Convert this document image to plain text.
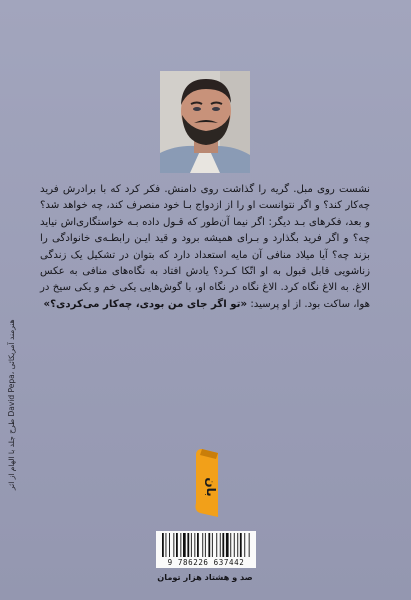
نشست روی مبل. گریه را گذاشت روی دامنش. فکر کرد که با برادرش فرید چه‌کار کند؟ و اگر نتوانست او را از ازدواج بـا خود منصرف کند، چه خواهد شد؟ و بعد، فکرهای بـد دیگر: اگر نیما آن‌طور که قـول داده بـه خواستگاری‌اش نیاید چه؟ و اگر فرید بگذارد و بـرای همیشه برود و قید ایـن رابطـه‌ی خانوادگی را بزند چه؟ آیا میلاد منافی آن مایه استعداد دارد که بتوان در تشکیل یک زندگی زناشویی قابل قبول به او اتّکا کـرد؟ یادش افتاد به نگاه‌های منافی به عکس الاغ. به الاغ نگاه کرد. الاغ نگاه در نگاه او، با گوش‌هایی یکی خم و یکی سیخ در هوا، ساکت بود. از او پرسید: «تو اگر جای من بودی، چه‌کار می‌کردی؟»

طرح جلد با الهام از اثر David Pepa، هنرمند آمریکائی
بان
9 786226 637442
صد و هشتاد هزار تومان
